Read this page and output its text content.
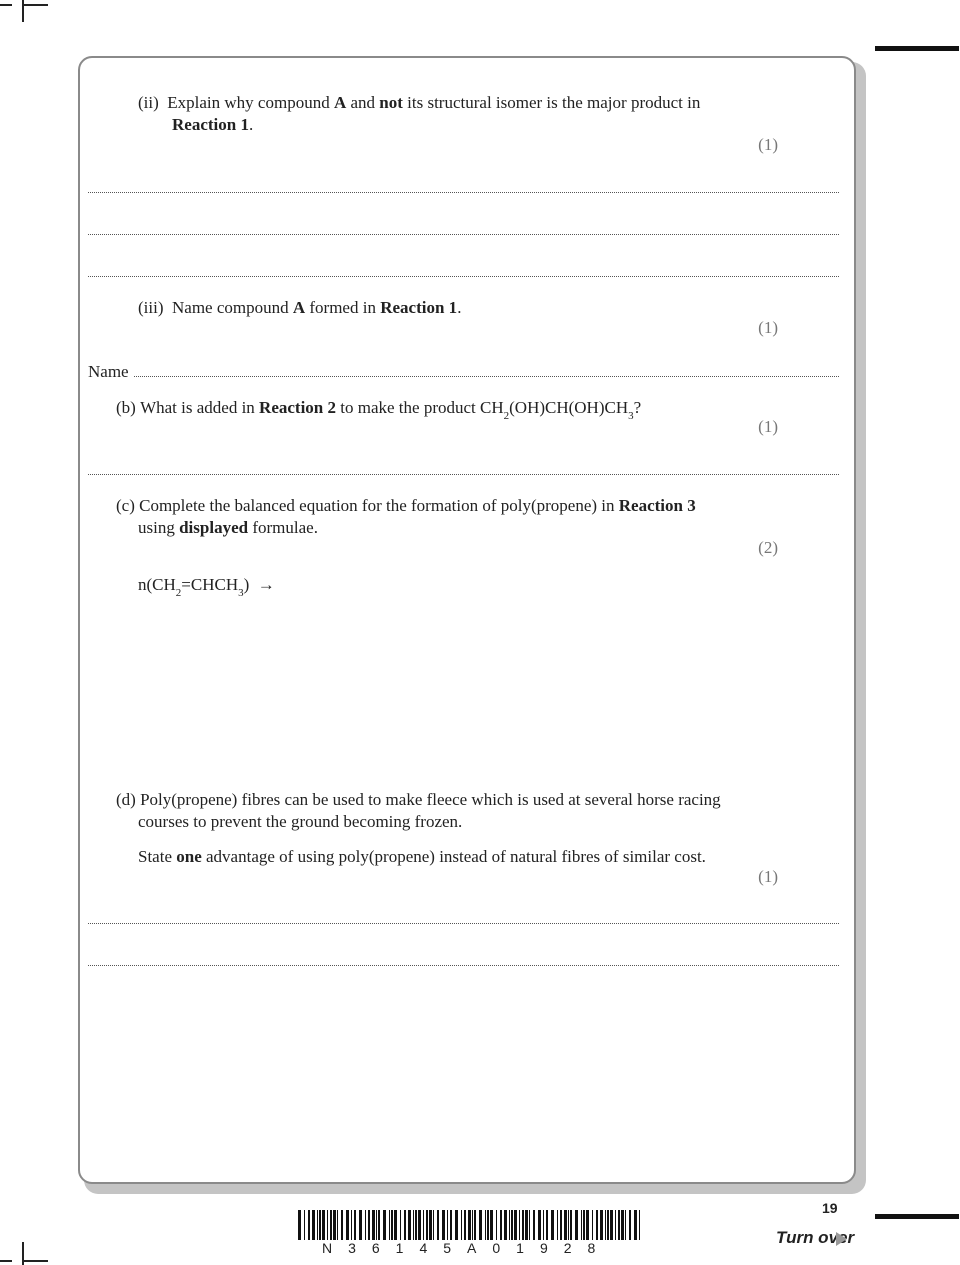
(ii) Explain why compound A and not its structural isomer is the major product in
Reaction 1.
(1)
(iii) Name compound A formed in Reaction 1.
(1)
Name
(b) What is added in Reaction 2 to make the product $CH_2(OH)CH(OH)CH_3$?
(1)
(c) Complete the balanced equation for the formation of poly(propene) in Reaction 3
using displayed formulae.
(2)
$n(CH_2=CHCH_3)$ →
(d) Poly(propene) fibres can be used to make fleece which is used at several horse racing
courses to prevent the ground becoming frozen.
State one advantage of using poly(propene) instead of natural fibres of similar cost.
(1)
N36145A01928
19
Turn over
